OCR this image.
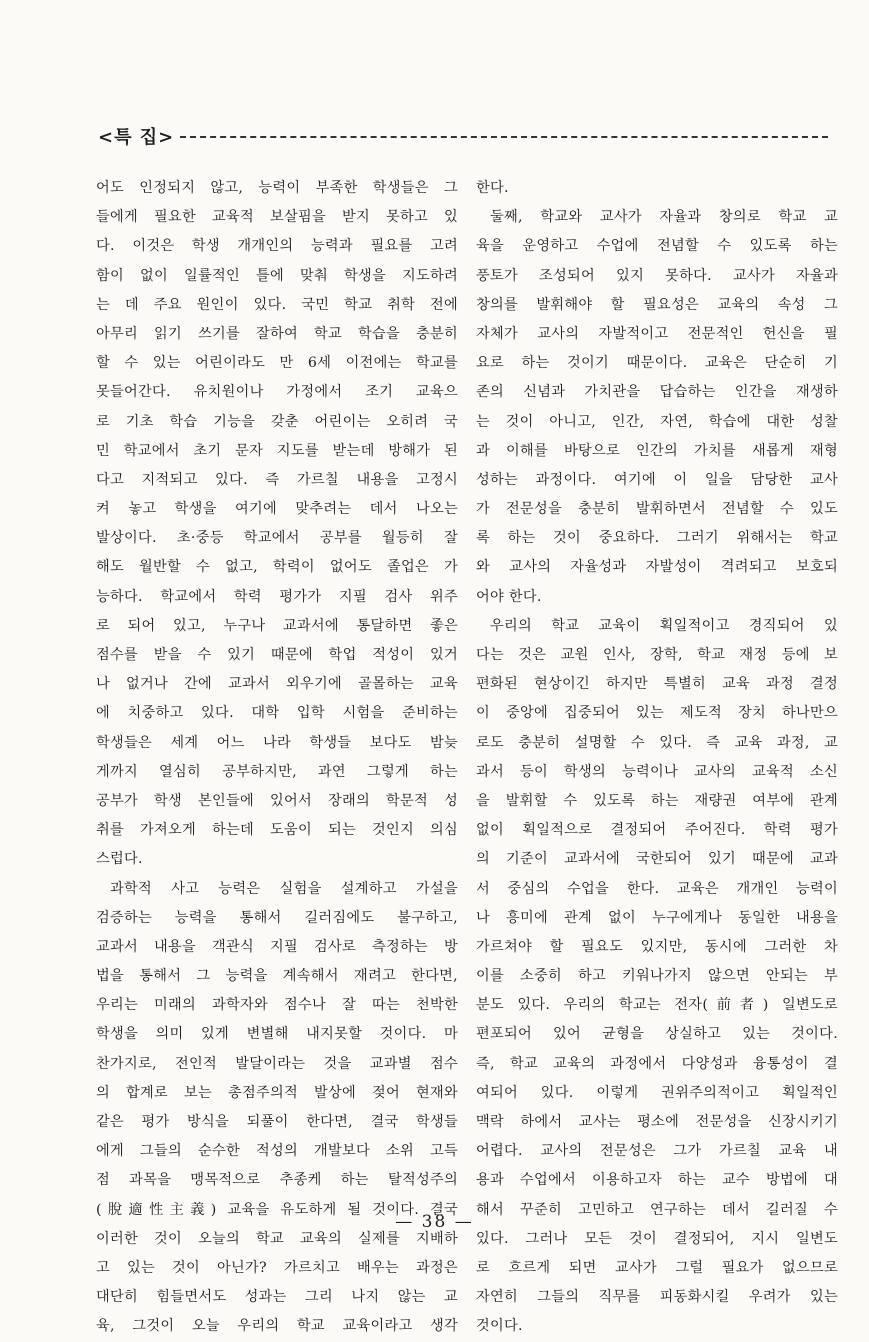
<특 집>
어도 인정되지 않고, 능력이 부족한 학생들은 그
들에게 필요한 교육적 보살핌을 받지 못하고 있
다. 이것은 학생 개개인의 능력과 필요를 고려
함이 없이 일률적인 틀에 맞춰 학생을 지도하려
는 데 주요 원인이 있다. 국민 학교 취학 전에
아무리 읽기 쓰기를 잘하여 학교 학습을 충분히
할 수 있는 어린이라도 만 6세 이전에는 학교를
못들어간다. 유치원이나 가정에서 조기 교육으
로 기초 학습 기능을 갖춘 어린이는 오히려 국
민 학교에서 초기 문자 지도를 받는데 방해가 된
다고 지적되고 있다. 즉 가르칠 내용을 고정시
켜 놓고 학생을 여기에 맞추려는 데서 나오는
발상이다. 초·중등 학교에서 공부를 월등히 잘
해도 월반할 수 없고, 학력이 없어도 졸업은 가
능하다. 학교에서 학력 평가가 지필 검사 위주
로 되어 있고, 누구나 교과서에 통달하면 좋은
점수를 받을 수 있기 때문에 학업 적성이 있거
나 없거나 간에 교과서 외우기에 골몰하는 교육
에 치중하고 있다. 대학 입학 시험을 준비하는
학생들은 세계 어느 나라 학생들 보다도 밤늦
게까지 열심히 공부하지만, 과연 그렇게 하는
공부가 학생 본인들에 있어서 장래의 학문적 성
취를 가져오게 하는데 도움이 되는 것인지 의심
스럽다.
과학적 사고 능력은 실험을 설계하고 가설을
검증하는 능력을 통해서 길러짐에도 불구하고,
교과서 내용을 객관식 지필 검사로 측정하는 방
법을 통해서 그 능력을 계속해서 재려고 한다면,
우리는 미래의 과학자와 점수나 잘 따는 천박한
학생을 의미 있게 변별해 내지못할 것이다. 마
찬가지로, 전인적 발달이라는 것을 교과별 점수
의 합계로 보는 총점주의적 발상에 젖어 현재와
같은 평가 방식을 되풀이 한다면, 결국 학생들
에게 그들의 순수한 적성의 개발보다 소위 고득
점 과목을 맹목적으로 추종케 하는 탈적성주의
(脫適性主義) 교육을 유도하게 될 것이다. 결국
이러한 것이 오늘의 학교 교육의 실제를 지배하
고 있는 것이 아닌가? 가르치고 배우는 과정은
대단히 힘들면서도 성과는 그리 나지 않는 교
육, 그것이 오늘 우리의 학교 교육이라고 생각
한다.
둘째, 학교와 교사가 자율과 창의로 학교 교
육을 운영하고 수업에 전념할 수 있도록 하는
풍토가 조성되어 있지 못하다. 교사가 자율과
창의를 발휘해야 할 필요성은 교육의 속성 그
자체가 교사의 자발적이고 전문적인 헌신을 필
요로 하는 것이기 때문이다. 교육은 단순히 기
존의 신념과 가치관을 답습하는 인간을 재생하
는 것이 아니고, 인간, 자연, 학습에 대한 성찰
과 이해를 바탕으로 인간의 가치를 새롭게 재형
성하는 과정이다. 여기에 이 일을 담당한 교사
가 전문성을 충분히 발휘하면서 전념할 수 있도
록 하는 것이 중요하다. 그러기 위해서는 학교
와 교사의 자율성과 자발성이 격려되고 보호되
어야 한다.
우리의 학교 교육이 획일적이고 경직되어 있
다는 것은 교원 인사, 장학, 학교 재정 등에 보
편화된 현상이긴 하지만 특별히 교육 과정 결정
이 중앙에 집중되어 있는 제도적 장치 하나만으
로도 충분히 설명할 수 있다. 즉 교육 과정, 교
과서 등이 학생의 능력이나 교사의 교육적 소신
을 발휘할 수 있도록 하는 재량권 여부에 관계
없이 획일적으로 결정되어 주어진다. 학력 평가
의 기준이 교과서에 국한되어 있기 때문에 교과
서 중심의 수업을 한다. 교육은 개개인 능력이
나 흥미에 관계 없이 누구에게나 동일한 내용을
가르쳐야 할 필요도 있지만, 동시에 그러한 차
이를 소중히 하고 키워나가지 않으면 안되는 부
분도 있다. 우리의 학교는 전자(前者) 일변도로
편포되어 있어 균형을 상실하고 있는 것이다.
즉, 학교 교육의 과정에서 다양성과 융통성이 결
여되어 있다. 이렇게 권위주의적이고 획일적인
맥락 하에서 교사는 평소에 전문성을 신장시키기
어렵다. 교사의 전문성은 그가 가르칠 교육 내
용과 수업에서 이용하고자 하는 교수 방법에 대
해서 꾸준히 고민하고 연구하는 데서 길러질 수
있다. 그러나 모든 것이 결정되어, 지시 일변도
로 흐르게 되면 교사가 그럴 필요가 없으므로
자연히 그들의 직무를 피동화시킬 우려가 있는
것이다.
— 38 —
